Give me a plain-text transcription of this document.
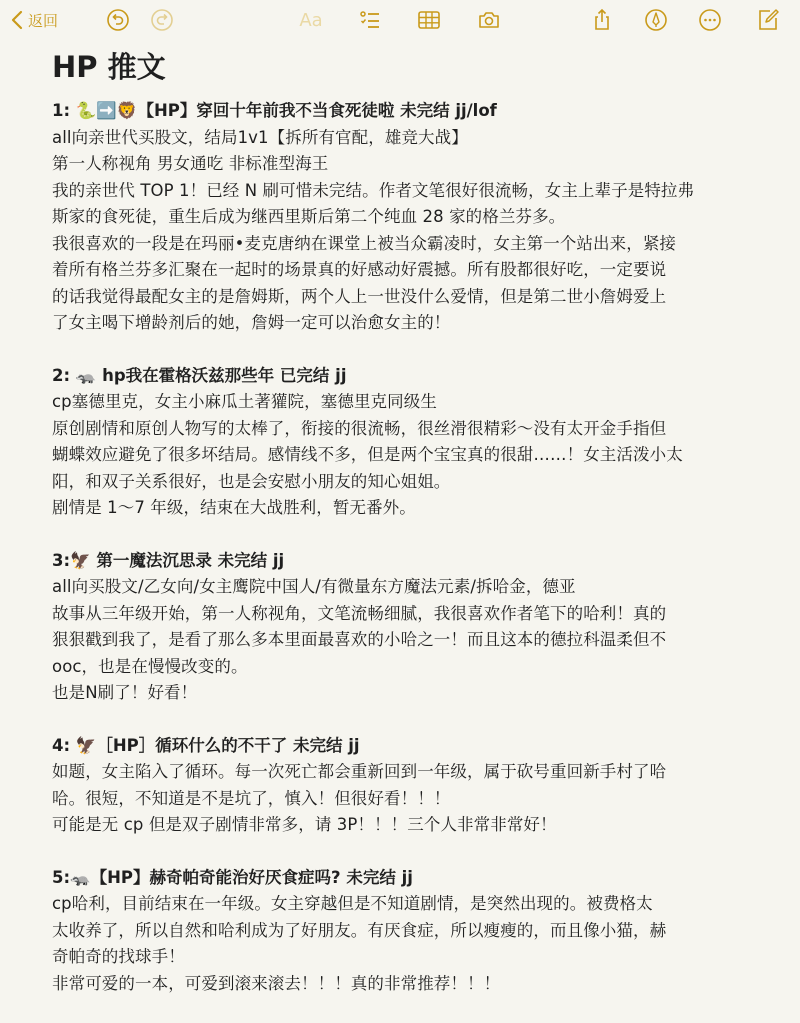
返回	Aa
HP 推文
1: 🐍➡️🦁【HP】穿回十年前我不当食死徒啦 未完结 jj/lof
all向亲世代买股文，结局1v1【拆所有官配，雄竞大战】
第一人称视角 男女通吃 非标准型海王
我的亲世代 TOP 1！已经 N 刷可惜未完结。作者文笔很好很流畅，女主上辈子是特拉弗
斯家的食死徒，重生后成为继西里斯后第二个纯血 28 家的格兰芬多。
我很喜欢的一段是在玛丽•麦克唐纳在课堂上被当众霸凌时，女主第一个站出来，紧接
着所有格兰芬多汇聚在一起时的场景真的好感动好震撼。所有股都很好吃，一定要说
的话我觉得最配女主的是詹姆斯，两个人上一世没什么爱情，但是第二世小詹姆爱上
了女主喝下增龄剂后的她，詹姆一定可以治愈女主的！
2: 🦡 hp我在霍格沃兹那些年 已完结 jj
cp塞德里克，女主小麻瓜土著獾院，塞德里克同级生
原创剧情和原创人物写的太棒了，衔接的很流畅，很丝滑很精彩～没有太开金手指但
蝴蝶效应避免了很多坏结局。感情线不多，但是两个宝宝真的很甜……！女主活泼小太
阳，和双子关系很好，也是会安慰小朋友的知心姐姐。
剧情是 1～7 年级，结束在大战胜利，暂无番外。
3:🦅 第一魔法沉思录 未完结 jj
all向买股文/乙女向/女主鹰院中国人/有微量东方魔法元素/拆哈金，德亚
故事从三年级开始，第一人称视角，文笔流畅细腻，我很喜欢作者笔下的哈利！真的
狠狠戳到我了，是看了那么多本里面最喜欢的小哈之一！而且这本的德拉科温柔但不
ooc，也是在慢慢改变的。
也是N刷了！好看！
4: 🦅［HP］循环什么的不干了 未完结 jj
如题，女主陷入了循环。每一次死亡都会重新回到一年级，属于砍号重回新手村了哈
哈。很短，不知道是不是坑了，慎入！但很好看！！！
可能是无 cp 但是双子剧情非常多，请 3P！！！三个人非常非常好！
5:🦡【HP】赫奇帕奇能治好厌食症吗? 未完结 jj
cp哈利，目前结束在一年级。女主穿越但是不知道剧情，是突然出现的。被费格太
太收养了，所以自然和哈利成为了好朋友。有厌食症，所以瘦瘦的，而且像小猫，赫
奇帕奇的找球手！
非常可爱的一本，可爱到滚来滚去！！！真的非常推荐！！！
